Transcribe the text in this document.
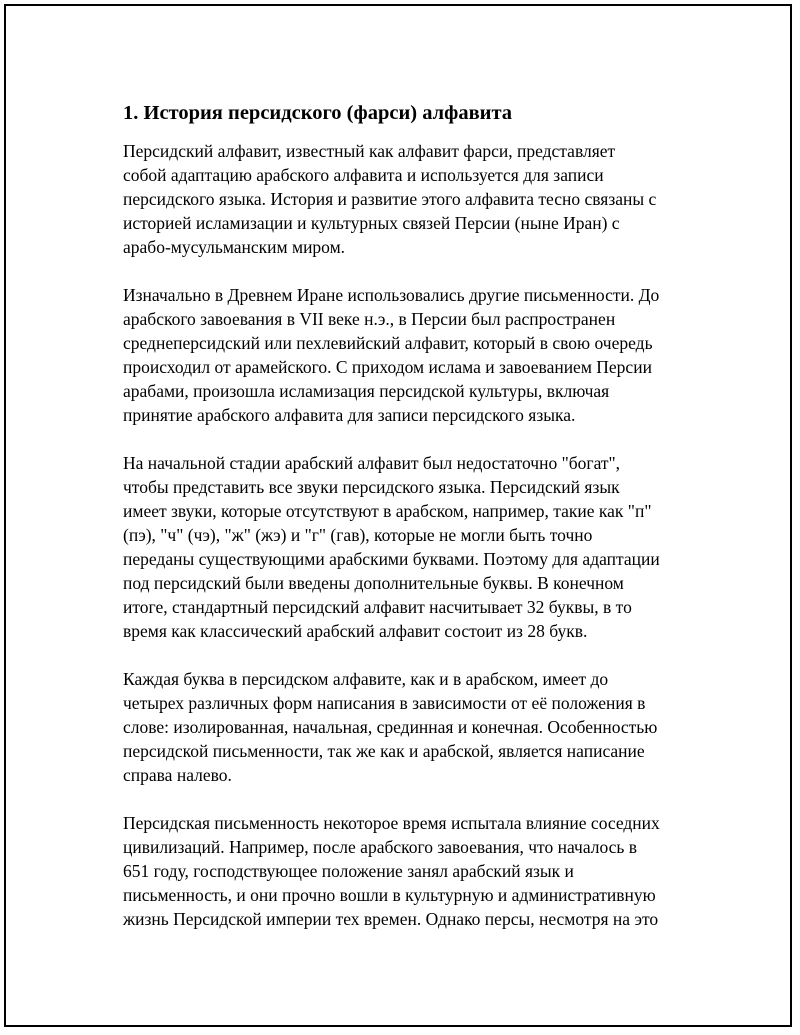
1. История персидского (фарси) алфавита

Персидский алфавит, известный как алфавит фарси, представляет
собой адаптацию арабского алфавита и используется для записи
персидского языка. История и развитие этого алфавита тесно связаны с
историей исламизации и культурных связей Персии (ныне Иран) с
арабо-мусульманским миром.

Изначально в Древнем Иране использовались другие письменности. До
арабского завоевания в VII веке н.э., в Персии был распространен
среднеперсидский или пехлевийский алфавит, который в свою очередь
происходил от арамейского. С приходом ислама и завоеванием Персии
арабами, произошла исламизация персидской культуры, включая
принятие арабского алфавита для записи персидского языка.

На начальной стадии арабский алфавит был недостаточно "богат",
чтобы представить все звуки персидского языка. Персидский язык
имеет звуки, которые отсутствуют в арабском, например, такие как "п"
(пэ), "ч" (чэ), "ж" (жэ) и "г" (гав), которые не могли быть точно
переданы существующими арабскими буквами. Поэтому для адаптации
под персидский были введены дополнительные буквы. В конечном
итоге, стандартный персидский алфавит насчитывает 32 буквы, в то
время как классический арабский алфавит состоит из 28 букв.

Каждая буква в персидском алфавите, как и в арабском, имеет до
четырех различных форм написания в зависимости от её положения в
слове: изолированная, начальная, срединная и конечная. Особенностью
персидской письменности, так же как и арабской, является написание
справа налево.

Персидская письменность некоторое время испытала влияние соседних
цивилизаций. Например, после арабского завоевания, что началось в
651 году, господствующее положение занял арабский язык и
письменность, и они прочно вошли в культурную и административную
жизнь Персидской империи тех времен. Однако персы, несмотря на это
